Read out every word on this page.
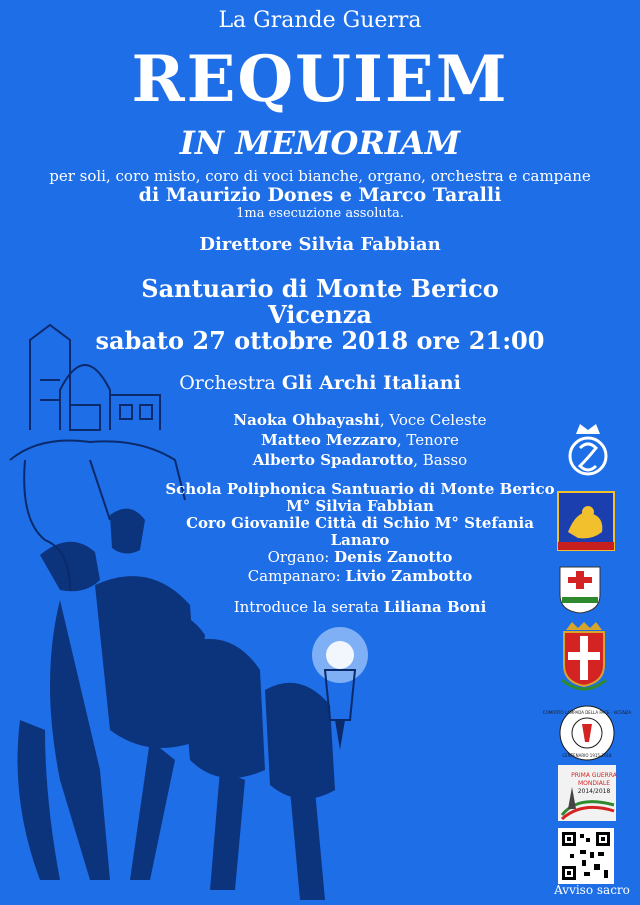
La Grande Guerra
REQUIEM
IN MEMORIAM
per soli, coro misto, coro di voci bianche, organo, orchestra e campane
di Maurizio Dones e Marco Taralli
1ma esecuzione assoluta.
Direttore Silvia Fabbian
Santuario di Monte Berico
Vicenza
sabato 27 ottobre 2018 ore 21:00
Orchestra Gli Archi Italiani
Naoka Ohbayashi, Voce Celeste
Matteo Mezzaro, Tenore
Alberto Spadarotto, Basso
Schola Poliphonica Santuario di Monte Berico
M° Silvia Fabbian
Coro Giovanile Città di Schio M° Stefania Lanaro
Organo: Denis Zanotto
Campanaro: Livio Zambotto
Introduce la serata Liliana Boni
COMITATO LAMPADA DELLA PACE - VICENZA
CENTENARIO 1915-2018
PRIMA GUERRA
MONDIALE
2014/2018
Avviso sacro
